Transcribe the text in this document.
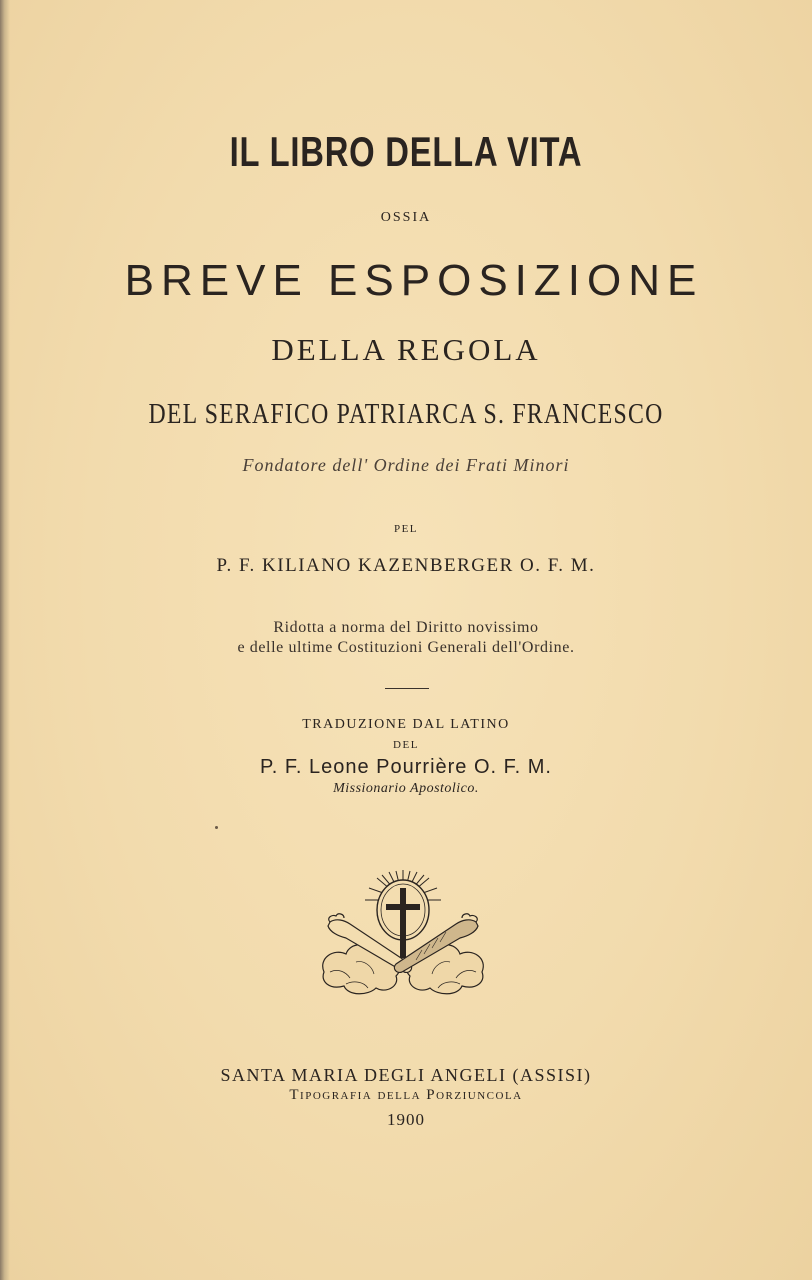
IL LIBRO DELLA VITA
OSSIA
BREVE ESPOSIZIONE
DELLA REGOLA
DEL SERAFICO PATRIARCA S. FRANCESCO
Fondatore dell' Ordine dei Frati Minori
PEL
P. F. KILIANO KAZENBERGER O. F. M.
Ridotta a norma del Diritto novissimo
e delle ultime Costituzioni Generali dell'Ordine.
TRADUZIONE DAL LATINO
DEL
P. F. Leone Pourrière O. F. M.
Missionario Apostolico.
SANTA MARIA DEGLI ANGELI (ASSISI)
Tipografia della Porziuncola
1900
